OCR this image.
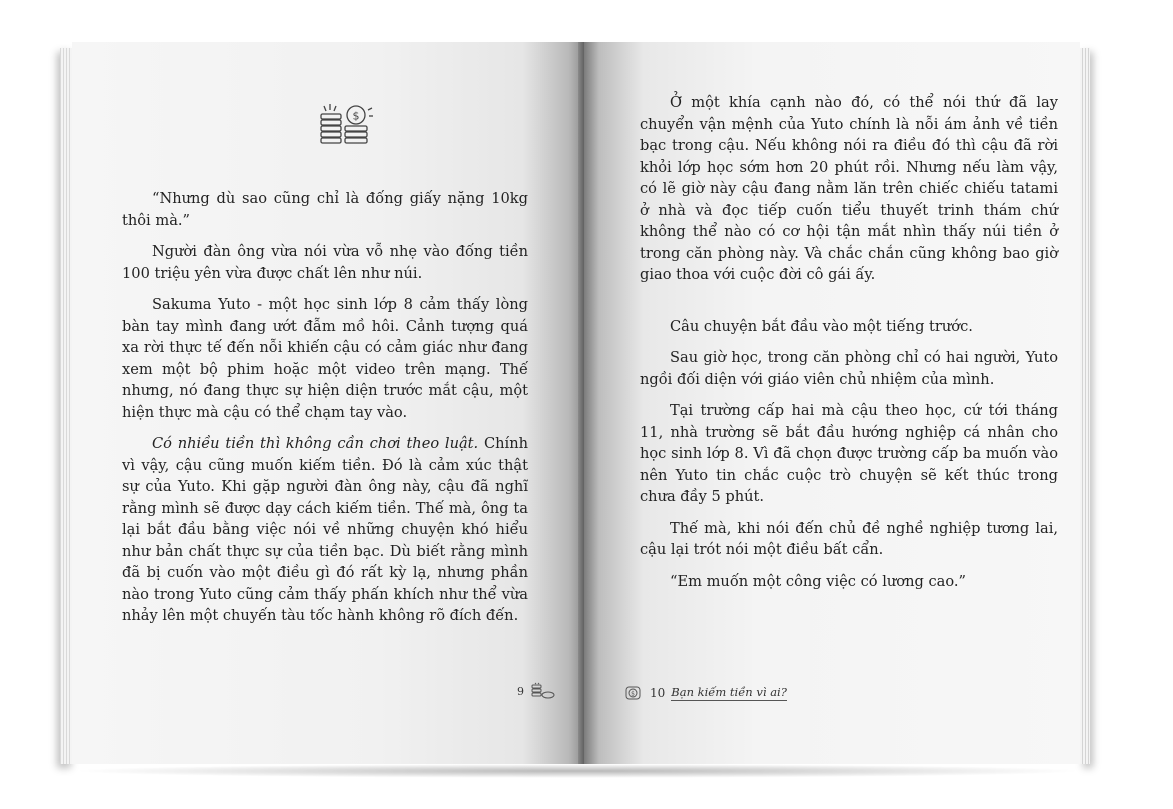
$

“Nhưng dù sao cũng chỉ là đống giấy nặng 10kg thôi mà.”

Người đàn ông vừa nói vừa vỗ nhẹ vào đống tiền 100 triệu yên vừa được chất lên như núi.

Sakuma Yuto - một học sinh lớp 8 cảm thấy lòng bàn tay mình đang ướt đẫm mồ hôi. Cảnh tượng quá xa rời thực tế đến nỗi khiến cậu có cảm giác như đang xem một bộ phim hoặc một video trên mạng. Thế nhưng, nó đang thực sự hiện diện trước mắt cậu, một hiện thực mà cậu có thể chạm tay vào.

Có nhiều tiền thì không cần chơi theo luật. Chính vì vậy, cậu cũng muốn kiếm tiền. Đó là cảm xúc thật sự của Yuto. Khi gặp người đàn ông này, cậu đã nghĩ rằng mình sẽ được dạy cách kiếm tiền. Thế mà, ông ta lại bắt đầu bằng việc nói về những chuyện khó hiểu như bản chất thực sự của tiền bạc. Dù biết rằng mình đã bị cuốn vào một điều gì đó rất kỳ lạ, nhưng phần nào trong Yuto cũng cảm thấy phấn khích như thể vừa nhảy lên một chuyến tàu tốc hành không rõ đích đến.

9

Ở một khía cạnh nào đó, có thể nói thứ đã lay chuyển vận mệnh của Yuto chính là nỗi ám ảnh về tiền bạc trong cậu. Nếu không nói ra điều đó thì cậu đã rời khỏi lớp học sớm hơn 20 phút rồi. Nhưng nếu làm vậy, có lẽ giờ này cậu đang nằm lăn trên chiếc chiếu tatami ở nhà và đọc tiếp cuốn tiểu thuyết trinh thám chứ không thể nào có cơ hội tận mắt nhìn thấy núi tiền ở trong căn phòng này. Và chắc chắn cũng không bao giờ giao thoa với cuộc đời cô gái ấy.

Câu chuyện bắt đầu vào một tiếng trước.

Sau giờ học, trong căn phòng chỉ có hai người, Yuto ngồi đối diện với giáo viên chủ nhiệm của mình.

Tại trường cấp hai mà cậu theo học, cứ tới tháng 11, nhà trường sẽ bắt đầu hướng nghiệp cá nhân cho học sinh lớp 8. Vì đã chọn được trường cấp ba muốn vào nên Yuto tin chắc cuộc trò chuyện sẽ kết thúc trong chưa đầy 5 phút.

Thế mà, khi nói đến chủ đề nghề nghiệp tương lai, cậu lại trót nói một điều bất cẩn.

“Em muốn một công việc có lương cao.”

$ 10 Bạn kiếm tiền vì ai?
